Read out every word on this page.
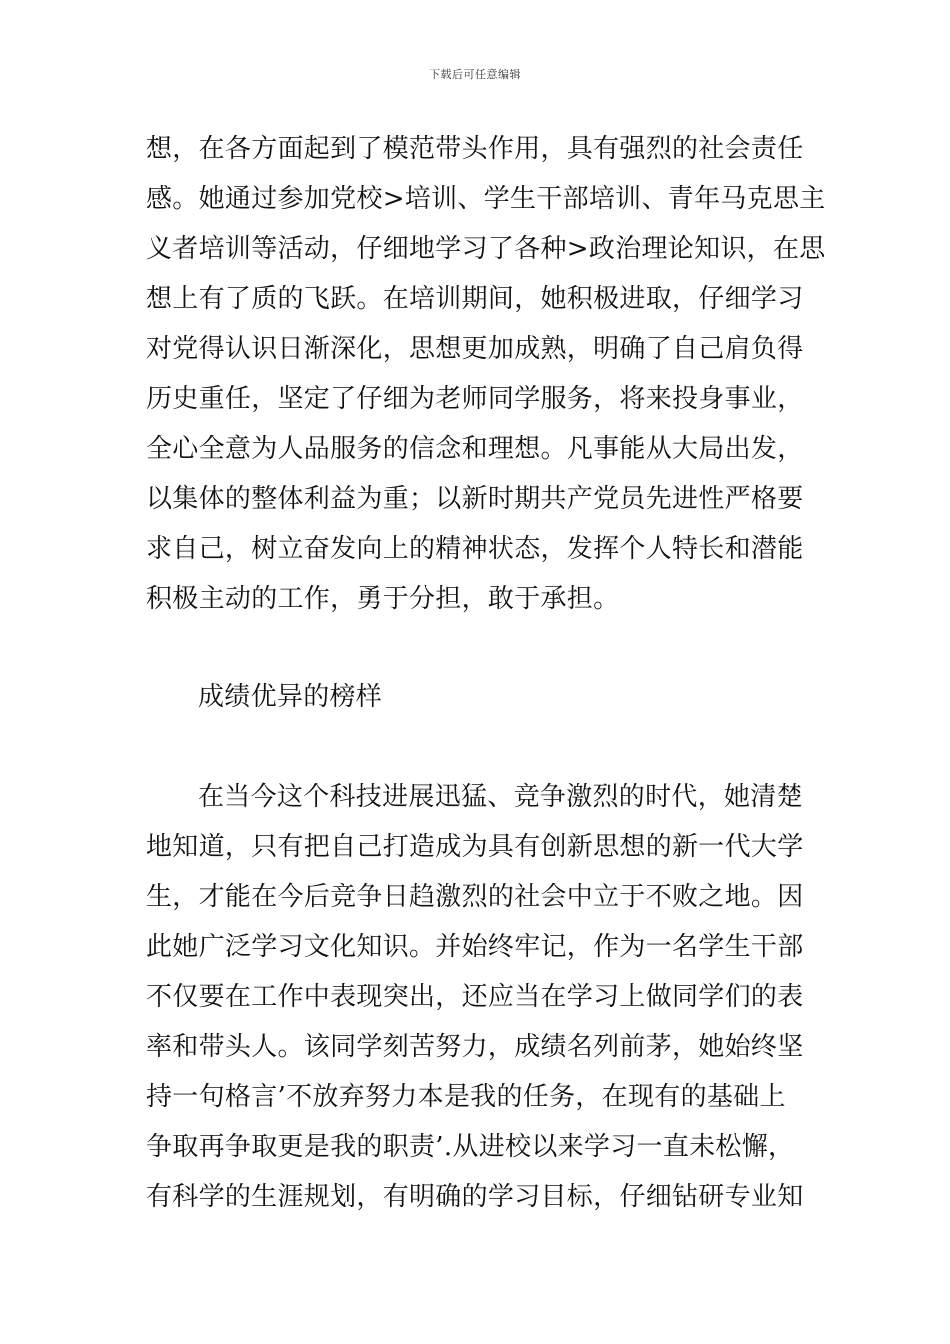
下载后可任意编辑
想，在各方面起到了模范带头作用，具有强烈的社会责任
感。她通过参加党校>培训、学生干部培训、青年马克思主
义者培训等活动，仔细地学习了各种>政治理论知识，在思
想上有了质的飞跃。在培训期间，她积极进取，仔细学习
对党得认识日渐深化，思想更加成熟，明确了自己肩负得
历史重任，坚定了仔细为老师同学服务，将来投身事业，
全心全意为人品服务的信念和理想。凡事能从大局出发，
以集体的整体利益为重；以新时期共产党员先进性严格要
求自己，树立奋发向上的精神状态，发挥个人特长和潜能
积极主动的工作，勇于分担，敢于承担。
成绩优异的榜样
在当今这个科技进展迅猛、竞争激烈的时代，她清楚
地知道，只有把自己打造成为具有创新思想的新一代大学
生，才能在今后竞争日趋激烈的社会中立于不败之地。因
此她广泛学习文化知识。并始终牢记，作为一名学生干部
不仅要在工作中表现突出，还应当在学习上做同学们的表
率和带头人。该同学刻苦努力，成绩名列前茅，她始终坚
持一句格言’不放弃努力本是我的任务，在现有的基础上
争取再争取更是我的职责’.从进校以来学习一直未松懈，
有科学的生涯规划，有明确的学习目标，仔细钻研专业知
